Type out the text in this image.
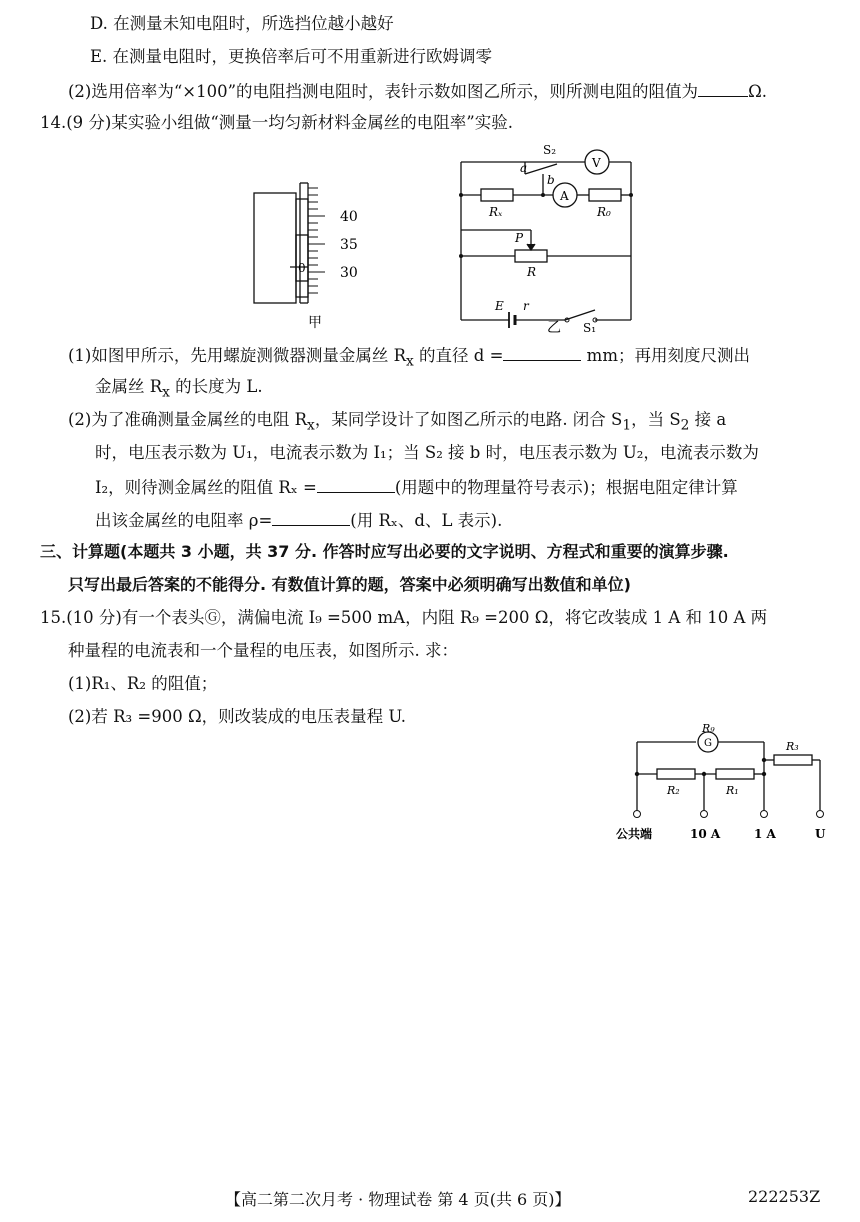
D. 在测量未知电阻时，所选挡位越小越好
E. 在测量电阻时，更换倍率后可不用重新进行欧姆调零
(2)选用倍率为“×100”的电阻挡测电阻时，表针示数如图乙所示，则所测电阻的阻值为	Ω.
14.(9 分)某实验小组做“测量一均匀新材料金属丝的电阻率”实验.
40
35
30
0
甲
S₂
a
b
V
A
Rₓ	R₀
P
R
E r
S₁
乙
(1)如图甲所示，先用螺旋测微器测量金属丝 $R_x$ 的直径 d =	mm；再用刻度尺测出
金属丝 $R_x$ 的长度为 L.
(2)为了准确测量金属丝的电阻 $R_x$，某同学设计了如图乙所示的电路. 闭合 $S_1$，当 $S_2$ 接 a
时，电压表示数为 U₁，电流表示数为 I₁；当 S₂ 接 b 时，电压表示数为 U₂，电流表示数为
I₂，则待测金属丝的阻值 Rₓ =	(用题中的物理量符号表示)；根据电阻定律计算
出该金属丝的电阻率 ρ=	(用 Rₓ、d、L 表示).
三、计算题(本题共 3 小题，共 37 分. 作答时应写出必要的文字说明、方程式和重要的演算步骤.
只写出最后答案的不能得分. 有数值计算的题，答案中必须明确写出数值和单位)
15.(10 分)有一个表头Ⓖ，满偏电流 I₉ =500 mA，内阻 R₉ =200 Ω，将它改装成 1 A 和 10 A 两
种量程的电流表和一个量程的电压表，如图所示. 求：
(1)R₁、R₂ 的阻值；
(2)若 R₃ =900 Ω，则改装成的电压表量程 U.
R₉
G	R₃
R₂	R₁
公共端	10 A	1 A	U
【高二第二次月考 · 物理试卷 第 4 页(共 6 页)】	222253Z
